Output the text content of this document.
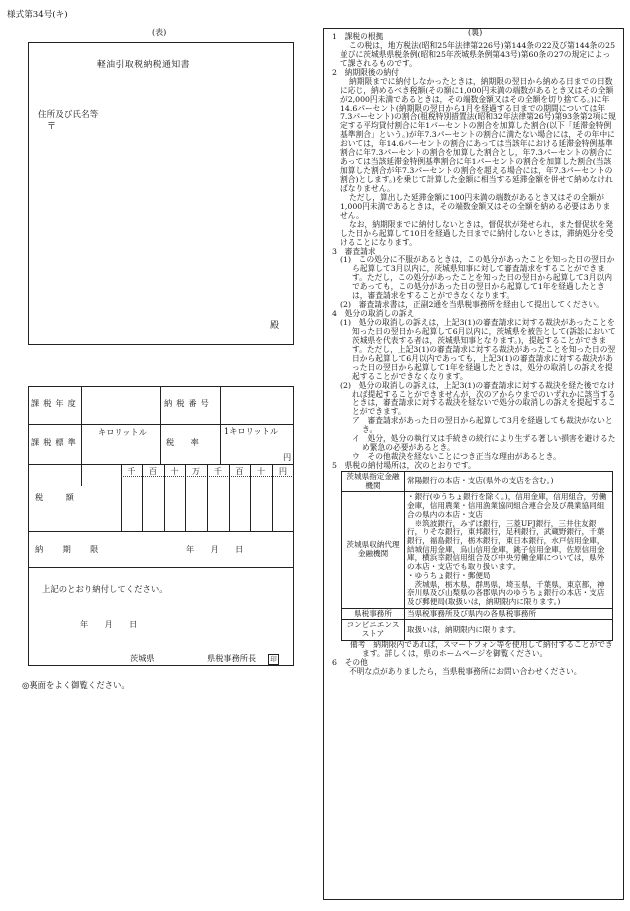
様式第34号(キ)
(表)
軽油引取税納税通知書
住所及び氏名等
〒
殿
課税年度	納税番号
課税標準
キロリットル
税　　率
1キロリットル
円
千	百	十	万	千	百	十	円
税　　額
納　　期　　限	年　　月　　日
上記のとおり納付してください。
年　　月　　日
茨城県	県税事務所長	印
◎裏面をよく御覧ください。
(裏)

1　課税の根拠

この税は，地方税法(昭和25年法律第226号)第144条の22及び第144条の25並びに茨城県県税条例(昭和25年茨城県条例第43号)第60条の27の規定によって課されるものです。

2　納期限後の納付

納期限までに納付しなかったときは，納期限の翌日から納める日までの日数に応じ，納めるべき税額(その額に1,000円未満の端数があるとき又はその全額が2,000円未満であるときは，その端数金額又はその全額を切り捨てる。)に年14.6パーセント(納期限の翌日から1月を経過する日までの期間については年7.3パーセント)の割合(租税特別措置法(昭和32年法律第26号)第93条第2項に規定する平均貸付割合に年1パーセントの割合を加算した割合(以下「延滞金特例基準割合」という。)が年7.3パーセントの割合に満たない場合には，その年中においては，年14.6パーセントの割合にあっては当該年における延滞金特例基準割合に年7.3パーセントの割合を加算した割合とし，年7.3パーセントの割合にあっては当該延滞金特例基準割合に年1パーセントの割合を加算した割合(当該加算した割合が年7.3パーセントの割合を超える場合には，年7.3パーセントの割合)とします。)を乗じて計算した金額に相当する延滞金額を併せて納めなければなりません。

ただし，算出した延滞金額に100円未満の端数があるとき又はその全額が1,000円未満であるときは，その端数金額又はその全額を納める必要はありません。

なお，納期限までに納付しないときは，督促状が発せられ，また督促状を発した日から起算して10日を経過した日までに納付しないときは，滞納処分を受けることになります。

3　審査請求

(1)　この処分に不服があるときは，この処分があったことを知った日の翌日から起算して3月以内に，茨城県知事に対して審査請求をすることができます。ただし，この処分があったことを知った日の翌日から起算して3月以内であっても，この処分があった日の翌日から起算して1年を経過したときは，審査請求をすることができなくなります。

(2)　審査請求書は，正副2通を当県税事務所を経由して提出してください。

4　処分の取消しの訴え

(1)　処分の取消しの訴えは，上記3(1)の審査請求に対する裁決があったことを知った日の翌日から起算して6月以内に，茨城県を被告として(訴訟において茨城県を代表する者は，茨城県知事となります。)，提起することができます。ただし，上記3(1)の審査請求に対する裁決があったことを知った日の翌日から起算して6月以内であっても，上記3(1)の審査請求に対する裁決があった日の翌日から起算して1年を経過したときは，処分の取消しの訴えを提起することができなくなります。

(2)　処分の取消しの訴えは，上記3(1)の審査請求に対する裁決を経た後でなければ提起することができませんが，次のアからウまでのいずれかに該当するときは，審査請求に対する裁決を経ないで処分の取消しの訴えを提起することができます。

ア　審査請求があった日の翌日から起算して3月を経過しても裁決がないとき。

イ　処分，処分の執行又は手続きの続行により生ずる著しい損害を避けるため緊急の必要があるとき。

ウ　その他裁決を経ないことにつき正当な理由があるとき。

5　県税の納付場所は，次のとおりです。

茨城県指定金融機関	常陽銀行の本店・支店(県外の支店を含む。)
茨城県収納代理金融機関	・銀行(ゆうちょ銀行を除く。)，信用金庫，信用組合，労働金庫，信用農業・信用漁業協同組合連合会及び農業協同組合の県内の本店・支店
　※筑波銀行，みずほ銀行，三菱UFJ銀行，三井住友銀行，りそな銀行，東邦銀行，足利銀行，武蔵野銀行，千葉銀行，福島銀行，栃木銀行，東日本銀行，水戸信用金庫，結城信用金庫，烏山信用金庫，銚子信用金庫，佐原信用金庫，横浜幸銀信用組合及び中央労働金庫については，県外の本店・支店でも取り扱います。
・ゆうちょ銀行・郵便局
　茨城県，栃木県，群馬県，埼玉県，千葉県，東京都，神奈川県及び山梨県の各郡県内のゆうちょ銀行の本店・支店及び郵便局(取扱いは，納期限内に限ります。)
県税事務所	当県税事務所及び県内の各県税事務所
コンビニエンスストア	取扱いは，納期限内に限ります。

備考　納期限内であれば，スマートフォン等を使用して納付することができます。詳しくは，県のホームページを御覧ください。

6　その他

不明な点がありましたら，当県税事務所にお問い合わせください。
